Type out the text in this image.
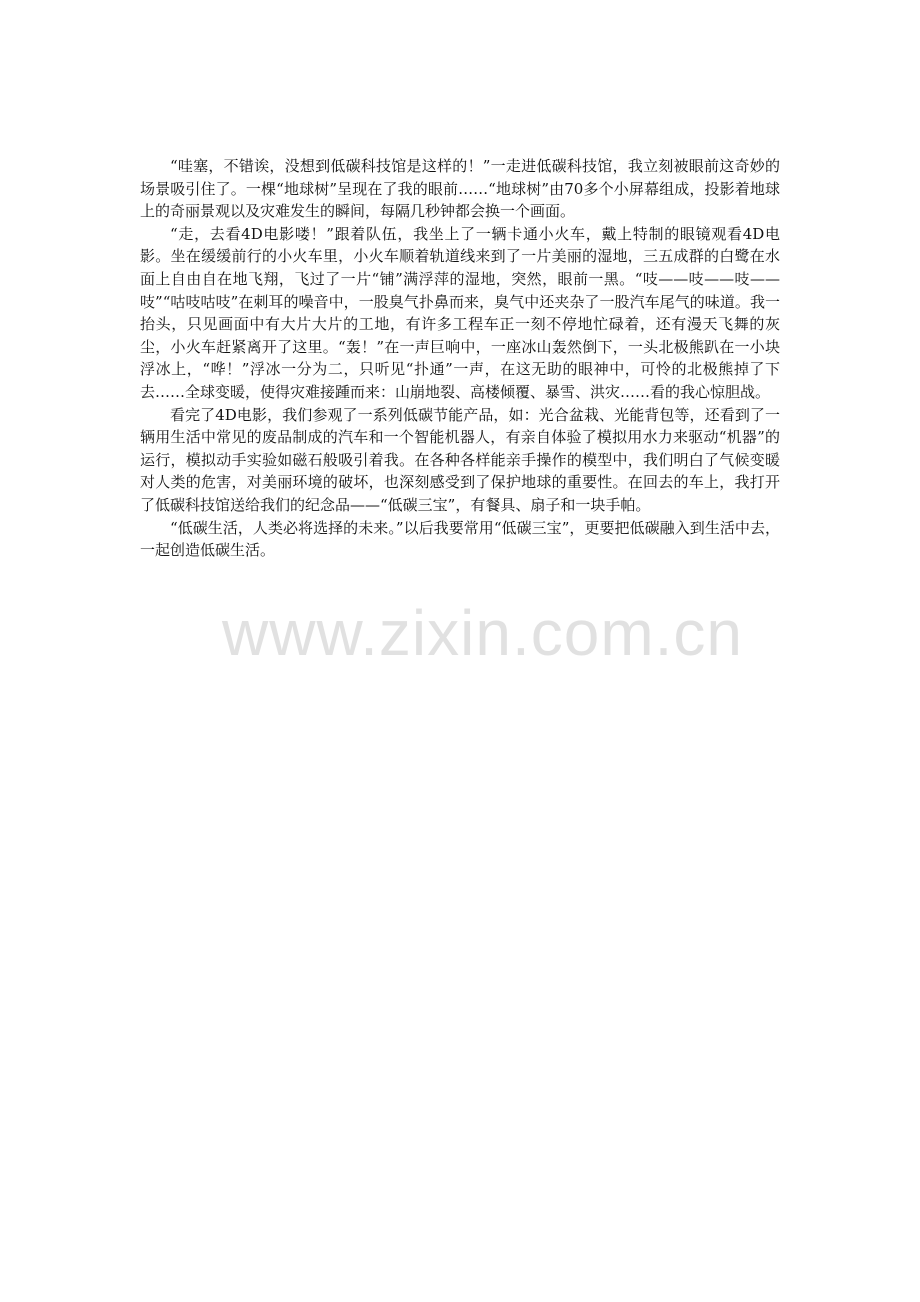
“哇塞，不错诶，没想到低碳科技馆是这样的！”一走进低碳科技馆，我立刻被眼前这奇妙的场景吸引住了。一棵“地球树”呈现在了我的眼前……“地球树”由70多个小屏幕组成，投影着地球上的奇丽景观以及灾难发生的瞬间，每隔几秒钟都会换一个画面。

“走，去看4D电影喽！”跟着队伍，我坐上了一辆卡通小火车，戴上特制的眼镜观看4D电影。坐在缓缓前行的小火车里，小火车顺着轨道线来到了一片美丽的湿地，三五成群的白鹭在水面上自由自在地飞翔，飞过了一片“铺”满浮萍的湿地，突然，眼前一黑。“吱——吱——吱——吱”“咕吱咕吱”在刺耳的噪音中，一股臭气扑鼻而来，臭气中还夹杂了一股汽车尾气的味道。我一抬头，只见画面中有大片大片的工地，有许多工程车正一刻不停地忙碌着，还有漫天飞舞的灰尘，小火车赶紧离开了这里。“轰！”在一声巨响中，一座冰山轰然倒下，一头北极熊趴在一小块浮冰上，“哗！”浮冰一分为二，只听见“扑通”一声，在这无助的眼神中，可怜的北极熊掉了下去……全球变暖，使得灾难接踵而来：山崩地裂、高楼倾覆、暴雪、洪灾……看的我心惊胆战。

看完了4D电影，我们参观了一系列低碳节能产品，如：光合盆栽、光能背包等，还看到了一辆用生活中常见的废品制成的汽车和一个智能机器人，有亲自体验了模拟用水力来驱动“机器”的运行，模拟动手实验如磁石般吸引着我。在各种各样能亲手操作的模型中，我们明白了气候变暖对人类的危害，对美丽环境的破坏，也深刻感受到了保护地球的重要性。在回去的车上，我打开了低碳科技馆送给我们的纪念品——“低碳三宝”，有餐具、扇子和一块手帕。

“低碳生活，人类必将选择的未来。”以后我要常用“低碳三宝”，更要把低碳融入到生活中去，一起创造低碳生活。

www.zixin.com.cn
